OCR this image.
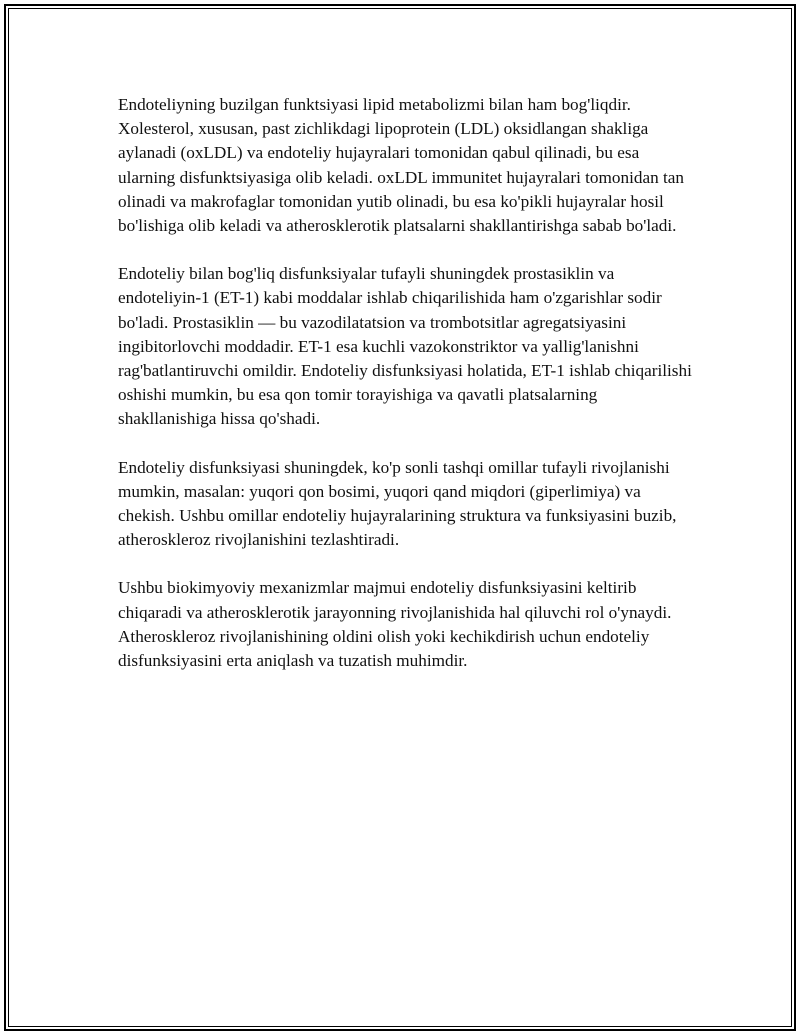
Endoteliyning buzilgan funktsiyasi lipid metabolizmi bilan ham bog'liqdir. Xolesterol, xususan, past zichlikdagi lipoprotein (LDL) oksidlangan shakliga aylanadi (oxLDL) va endoteliy hujayralari tomonidan qabul qilinadi, bu esa ularning disfunktsiyasiga olib keladi. oxLDL immunitet hujayralari tomonidan tan olinadi va makrofaglar tomonidan yutib olinadi, bu esa ko'pikli hujayralar hosil bo'lishiga olib keladi va atherosklerotik platsalarni shakllantirishga sabab bo'ladi.

Endoteliy bilan bog'liq disfunksiyalar tufayli shuningdek prostasiklin va endoteliyin-1 (ET-1) kabi moddalar ishlab chiqarilishida ham o'zgarishlar sodir bo'ladi. Prostasiklin — bu vazodilatatsion va trombotsitlar agregatsiyasini ingibitorlovchi moddadir. ET-1 esa kuchli vazokonstriktor va yallig'lanishni rag'batlantiruvchi omildir. Endoteliy disfunksiyasi holatida, ET-1 ishlab chiqarilishi oshishi mumkin, bu esa qon tomir torayishiga va qavatli platsalarning shakllanishiga hissa qo'shadi.

Endoteliy disfunksiyasi shuningdek, ko'p sonli tashqi omillar tufayli rivojlanishi mumkin, masalan: yuqori qon bosimi, yuqori qand miqdori (giperlimiya) va chekish. Ushbu omillar endoteliy hujayralarining struktura va funksiyasini buzib, atheroskleroz rivojlanishini tezlashtiradi.

Ushbu biokimyoviy mexanizmlar majmui endoteliy disfunksiyasini keltirib chiqaradi va atherosklerotik jarayonning rivojlanishida hal qiluvchi rol o'ynaydi. Atheroskleroz rivojlanishining oldini olish yoki kechikdirish uchun endoteliy disfunksiyasini erta aniqlash va tuzatish muhimdir.
